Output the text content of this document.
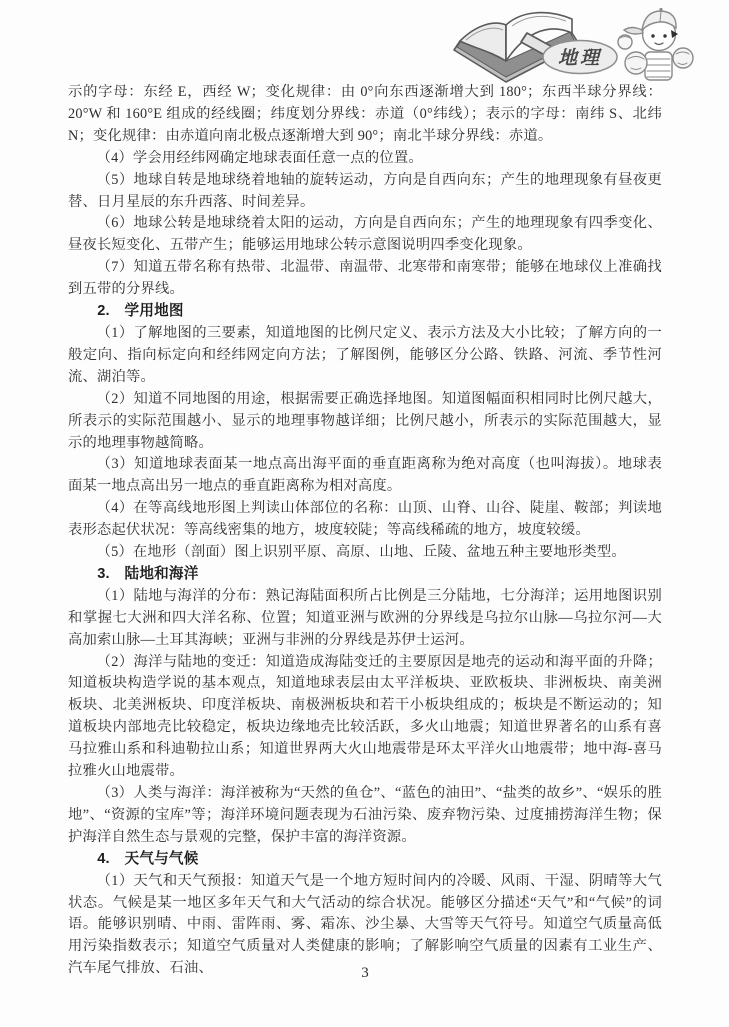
地理

示的字母：东经 E，西经 W；变化规律：由 0°向东西逐渐增大到 180°；东西半球分界线：20°W 和 160°E 组成的经线圈；纬度划分界线：赤道（0°纬线）；表示的字母：南纬 S、北纬 N；变化规律：由赤道向南北极点逐渐增大到 90°；南北半球分界线：赤道。

（4）学会用经纬网确定地球表面任意一点的位置。

（5）地球自转是地球绕着地轴的旋转运动，方向是自西向东；产生的地理现象有昼夜更替、日月星辰的东升西落、时间差异。

（6）地球公转是地球绕着太阳的运动，方向是自西向东；产生的地理现象有四季变化、昼夜长短变化、五带产生；能够运用地球公转示意图说明四季变化现象。

（7）知道五带名称有热带、北温带、南温带、北寒带和南寒带；能够在地球仪上准确找到五带的分界线。

2.　学用地图

（1）了解地图的三要素，知道地图的比例尺定义、表示方法及大小比较；了解方向的一般定向、指向标定向和经纬网定向方法；了解图例，能够区分公路、铁路、河流、季节性河流、湖泊等。

（2）知道不同地图的用途，根据需要正确选择地图。知道图幅面积相同时比例尺越大，所表示的实际范围越小、显示的地理事物越详细；比例尺越小，所表示的实际范围越大，显示的地理事物越简略。

（3）知道地球表面某一地点高出海平面的垂直距离称为绝对高度（也叫海拔）。地球表面某一地点高出另一地点的垂直距离称为相对高度。

（4）在等高线地形图上判读山体部位的名称：山顶、山脊、山谷、陡崖、鞍部；判读地表形态起伏状况：等高线密集的地方，坡度较陡；等高线稀疏的地方，坡度较缓。

（5）在地形（剖面）图上识别平原、高原、山地、丘陵、盆地五种主要地形类型。

3.　陆地和海洋

（1）陆地与海洋的分布：熟记海陆面积所占比例是三分陆地，七分海洋；运用地图识别和掌握七大洲和四大洋名称、位置；知道亚洲与欧洲的分界线是乌拉尔山脉—乌拉尔河—大高加索山脉—土耳其海峡；亚洲与非洲的分界线是苏伊士运河。

（2）海洋与陆地的变迁：知道造成海陆变迁的主要原因是地壳的运动和海平面的升降；知道板块构造学说的基本观点，知道地球表层由太平洋板块、亚欧板块、非洲板块、南美洲板块、北美洲板块、印度洋板块、南极洲板块和若干小板块组成的；板块是不断运动的；知道板块内部地壳比较稳定，板块边缘地壳比较活跃，多火山地震；知道世界著名的山系有喜马拉雅山系和科迪勒拉山系；知道世界两大火山地震带是环太平洋火山地震带；地中海-喜马拉雅火山地震带。

（3）人类与海洋：海洋被称为“天然的鱼仓”、“蓝色的油田”、“盐类的故乡”、“娱乐的胜地”、“资源的宝库”等；海洋环境问题表现为石油污染、废弃物污染、过度捕捞海洋生物；保护海洋自然生态与景观的完整，保护丰富的海洋资源。

4.　天气与气候

（1）天气和天气预报：知道天气是一个地方短时间内的冷暖、风雨、干湿、阴晴等大气状态。气候是某一地区多年天气和大气活动的综合状况。能够区分描述“天气”和“气候”的词语。能够识别晴、中雨、雷阵雨、雾、霜冻、沙尘暴、大雪等天气符号。知道空气质量高低用污染指数表示；知道空气质量对人类健康的影响；了解影响空气质量的因素有工业生产、汽车尾气排放、石油、	3
